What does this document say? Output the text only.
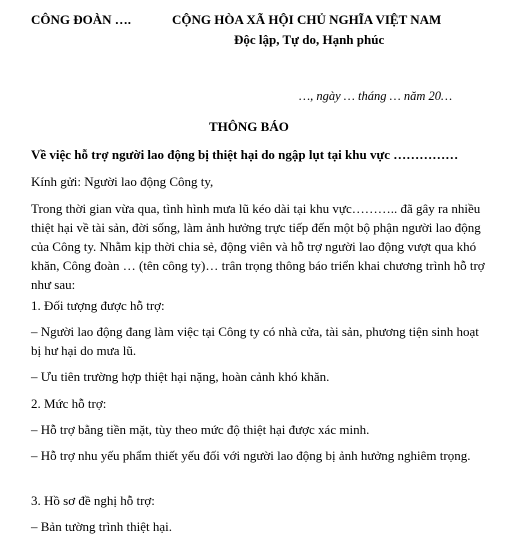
CÔNG ĐOÀN ….	CỘNG HÒA XÃ HỘI CHỦ NGHĨA VIỆT NAM
Độc lập, Tự do, Hạnh phúc
…, ngày … tháng … năm 20…
THÔNG BÁO
Về việc hỗ trợ người lao động bị thiệt hại do ngập lụt tại khu vực ……………
Kính gửi: Người lao động Công ty,
Trong thời gian vừa qua, tình hình mưa lũ kéo dài tại khu vực……….. đã gây ra nhiều thiệt hại về tài sản, đời sống, làm ảnh hưởng trực tiếp đến một bộ phận người lao động của Công ty. Nhằm kịp thời chia sẻ, động viên và hỗ trợ người lao động vượt qua khó khăn, Công đoàn … (tên công ty)… trân trọng thông báo triển khai chương trình hỗ trợ như sau:
1. Đối tượng được hỗ trợ:
– Người lao động đang làm việc tại Công ty có nhà cửa, tài sản, phương tiện sinh hoạt bị hư hại do mưa lũ.
– Ưu tiên trường hợp thiệt hại nặng, hoàn cảnh khó khăn.
2. Mức hỗ trợ:
– Hỗ trợ bằng tiền mặt, tùy theo mức độ thiệt hại được xác minh.
– Hỗ trợ nhu yếu phẩm thiết yếu đối với người lao động bị ảnh hưởng nghiêm trọng.
3. Hồ sơ đề nghị hỗ trợ:
– Bản tường trình thiệt hại.
